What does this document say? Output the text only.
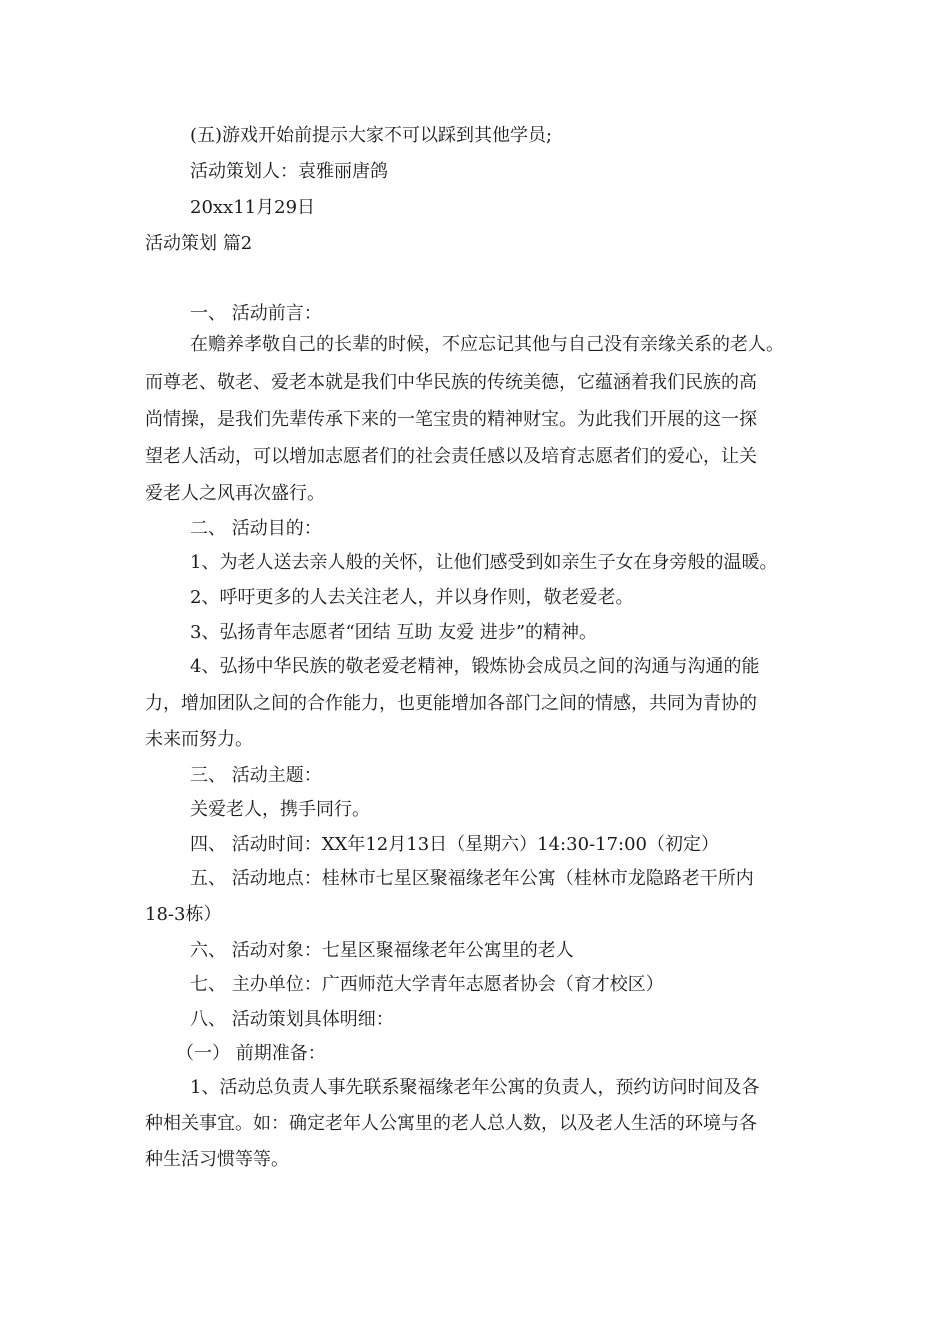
(五)游戏开始前提示大家不可以踩到其他学员;
活动策划人：袁雅丽唐鸽
20xx11月29日
活动策划 篇2
一、 活动前言：
在赡养孝敬自己的长辈的时候，不应忘记其他与自己没有亲缘关系的老人。
而尊老、敬老、爱老本就是我们中华民族的传统美德，它蕴涵着我们民族的高
尚情操，是我们先辈传承下来的一笔宝贵的精神财宝。为此我们开展的这一探
望老人活动，可以增加志愿者们的社会责任感以及培育志愿者们的爱心，让关
爱老人之风再次盛行。
二、 活动目的：
1、为老人送去亲人般的关怀，让他们感受到如亲生子女在身旁般的温暖。
2、呼吁更多的人去关注老人，并以身作则，敬老爱老。
3、弘扬青年志愿者“团结 互助 友爱 进步”的精神。
4、弘扬中华民族的敬老爱老精神，锻炼协会成员之间的沟通与沟通的能
力，增加团队之间的合作能力，也更能增加各部门之间的情感，共同为青协的
未来而努力。
三、 活动主题：
关爱老人，携手同行。
四、 活动时间：XX年12月13日（星期六）14:30-17:00（初定）
五、 活动地点：桂林市七星区聚福缘老年公寓（桂林市龙隐路老干所内
18-3栋）
六、 活动对象：七星区聚福缘老年公寓里的老人
七、 主办单位：广西师范大学青年志愿者协会（育才校区）
八、 活动策划具体明细：
（一） 前期准备：
1、活动总负责人事先联系聚福缘老年公寓的负责人，预约访问时间及各
种相关事宜。如：确定老年人公寓里的老人总人数，以及老人生活的环境与各
种生活习惯等等。
